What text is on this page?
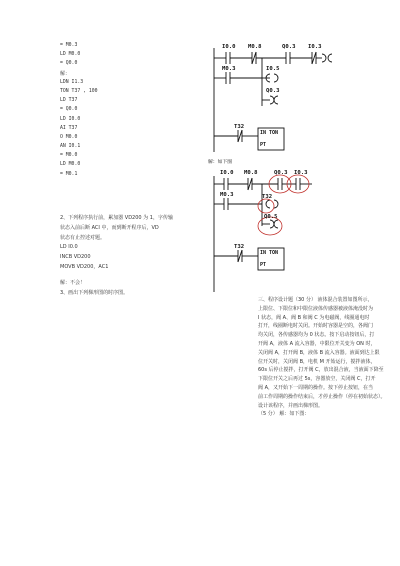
= M0.3
LD M0.0
= Q0.0
解：
LDN I1.3
TON T37 , 100
LD T37
= Q0.0
LD I0.0
AI T37
O M0.0
AN I0.1
= M0.0
LD M0.0
= M0.1
2、下列程序执行前，累加器 VD200 为 1，字传输
状态入前后断 ACI 中，而到断开程序后，VD
状态有止控述对题。
LD I0.0
INCB VD200
MOVB VD200，AC1
解：不会！
3、画出下列梯形图的时序图。
I0.0 M0.8	Q0.3 I0.3
M0.3	I0.5
Q0.3
T32
IN TON
PT
解：如下图
I0.0 M0.8	Q0.3 I0.3
M0.3	T32
Q0.5
T32
IN TON
PT
三、程序设计题（30 分） 液体混合装置如图所示，
上限位、下限位和中限位液体传感器被液体淹没时为
I 状态，阀 A、阀 B 和阀 C 为电磁阀，线圈通电时
打开，线圈断电时关闭。开始时容器是空的，各阀门
均关闭，各传感器均为 0 状态。按下启动按钮后，打
开阀 A，液体 A 流入容器，中限位开关变为 ON 时，
关闭阀 A，打开阀 B，液体 B 流入容器。液面到达上限
位开关时，关闭阀 B，电机 M 开始运行，搅拌液体，
60s 后停止搅拌，打开阀 C，放出混合液，当液面下降至
下限位开关之后再过 5s，容器放空，关闭阀 C，打开
阀 A，又开始下一周期的操作。按下停止按钮，在当
前工作周期的操作结束后，才停止操作（停在初始状态）。
设计该程序，并画出梯形图。
（5 分） 解：如下图：
